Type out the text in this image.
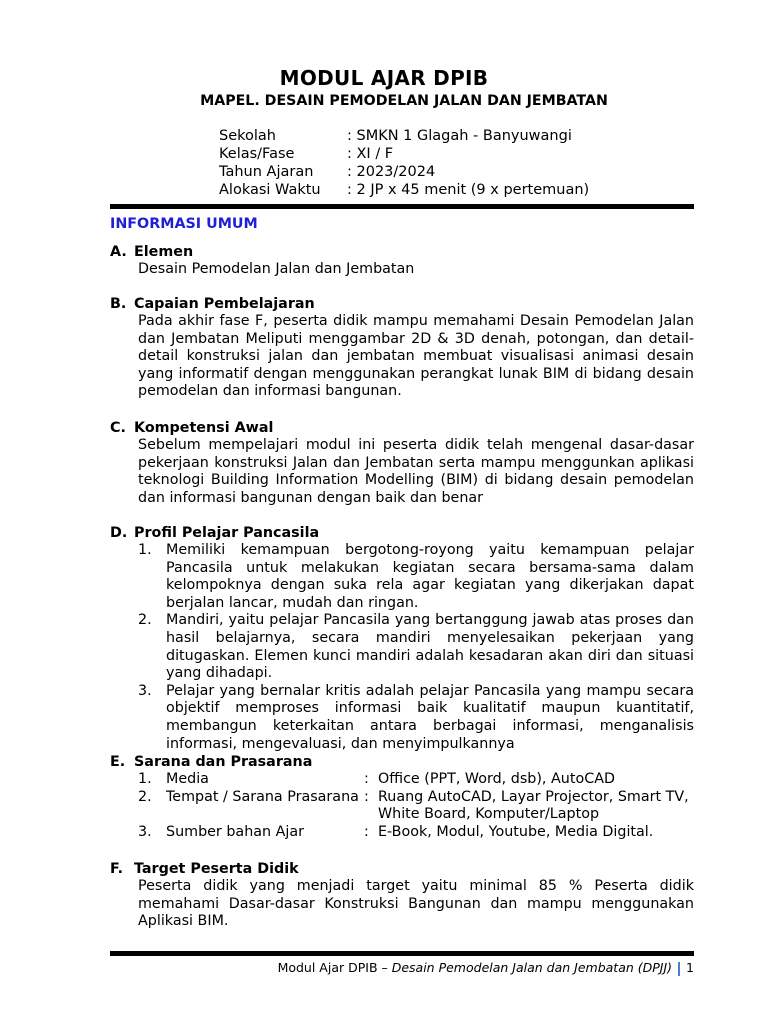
MODUL AJAR DPIB
MAPEL. DESAIN PEMODELAN JALAN DAN JEMBATAN
Sekolah	: SMKN 1 Glagah - Banyuwangi
Kelas/Fase	: XI / F
Tahun Ajaran	: 2023/2024
Alokasi Waktu	: 2 JP x 45 menit (9 x pertemuan)
INFORMASI UMUM
A. Elemen

Desain Pemodelan Jalan dan Jembatan

B. Capaian Pembelajaran

Pada akhir fase F, peserta didik mampu memahami Desain Pemodelan Jalan dan Jembatan Meliputi menggambar 2D & 3D denah, potongan, dan detail-detail konstruksi jalan dan jembatan membuat visualisasi animasi desain yang informatif dengan menggunakan perangkat lunak BIM di bidang desain pemodelan dan informasi bangunan.

C. Kompetensi Awal

Sebelum mempelajari modul ini peserta didik telah mengenal dasar-dasar pekerjaan konstruksi Jalan dan Jembatan serta mampu menggunkan aplikasi teknologi Building Information Modelling (BIM) di bidang desain pemodelan dan informasi bangunan dengan baik dan benar

D. Profil Pelajar Pancasila
1.	Memiliki kemampuan bergotong-royong yaitu kemampuan pelajar Pancasila untuk melakukan kegiatan secara bersama-sama dalam kelompoknya dengan suka rela agar kegiatan yang dikerjakan dapat berjalan lancar, mudah dan ringan.
2.	Mandiri, yaitu pelajar Pancasila yang bertanggung jawab atas proses dan hasil belajarnya, secara mandiri menyelesaikan pekerjaan yang ditugaskan. Elemen kunci mandiri adalah kesadaran akan diri dan situasi yang dihadapi.
3.	Pelajar yang bernalar kritis adalah pelajar Pancasila yang mampu secara objektif memproses informasi baik kualitatif maupun kuantitatif, membangun keterkaitan antara berbagai informasi, menganalisis informasi, mengevaluasi, dan menyimpulkannya
E. Sarana dan Prasarana
1.	Media	: Office (PPT, Word, dsb), AutoCAD
2.	Tempat / Sarana Prasarana : Ruang AutoCAD, Layar Projector, Smart TV, White Board, Komputer/Laptop
3.	Sumber bahan Ajar	: E-Book, Modul, Youtube, Media Digital.
F. Target Peserta Didik

Peserta didik yang menjadi target yaitu minimal 85 % Peserta didik memahami Dasar-dasar Konstruksi Bangunan dan mampu menggunakan Aplikasi BIM.

Modul Ajar DPIB – Desain Pemodelan Jalan dan Jembatan (DPJJ) 1
